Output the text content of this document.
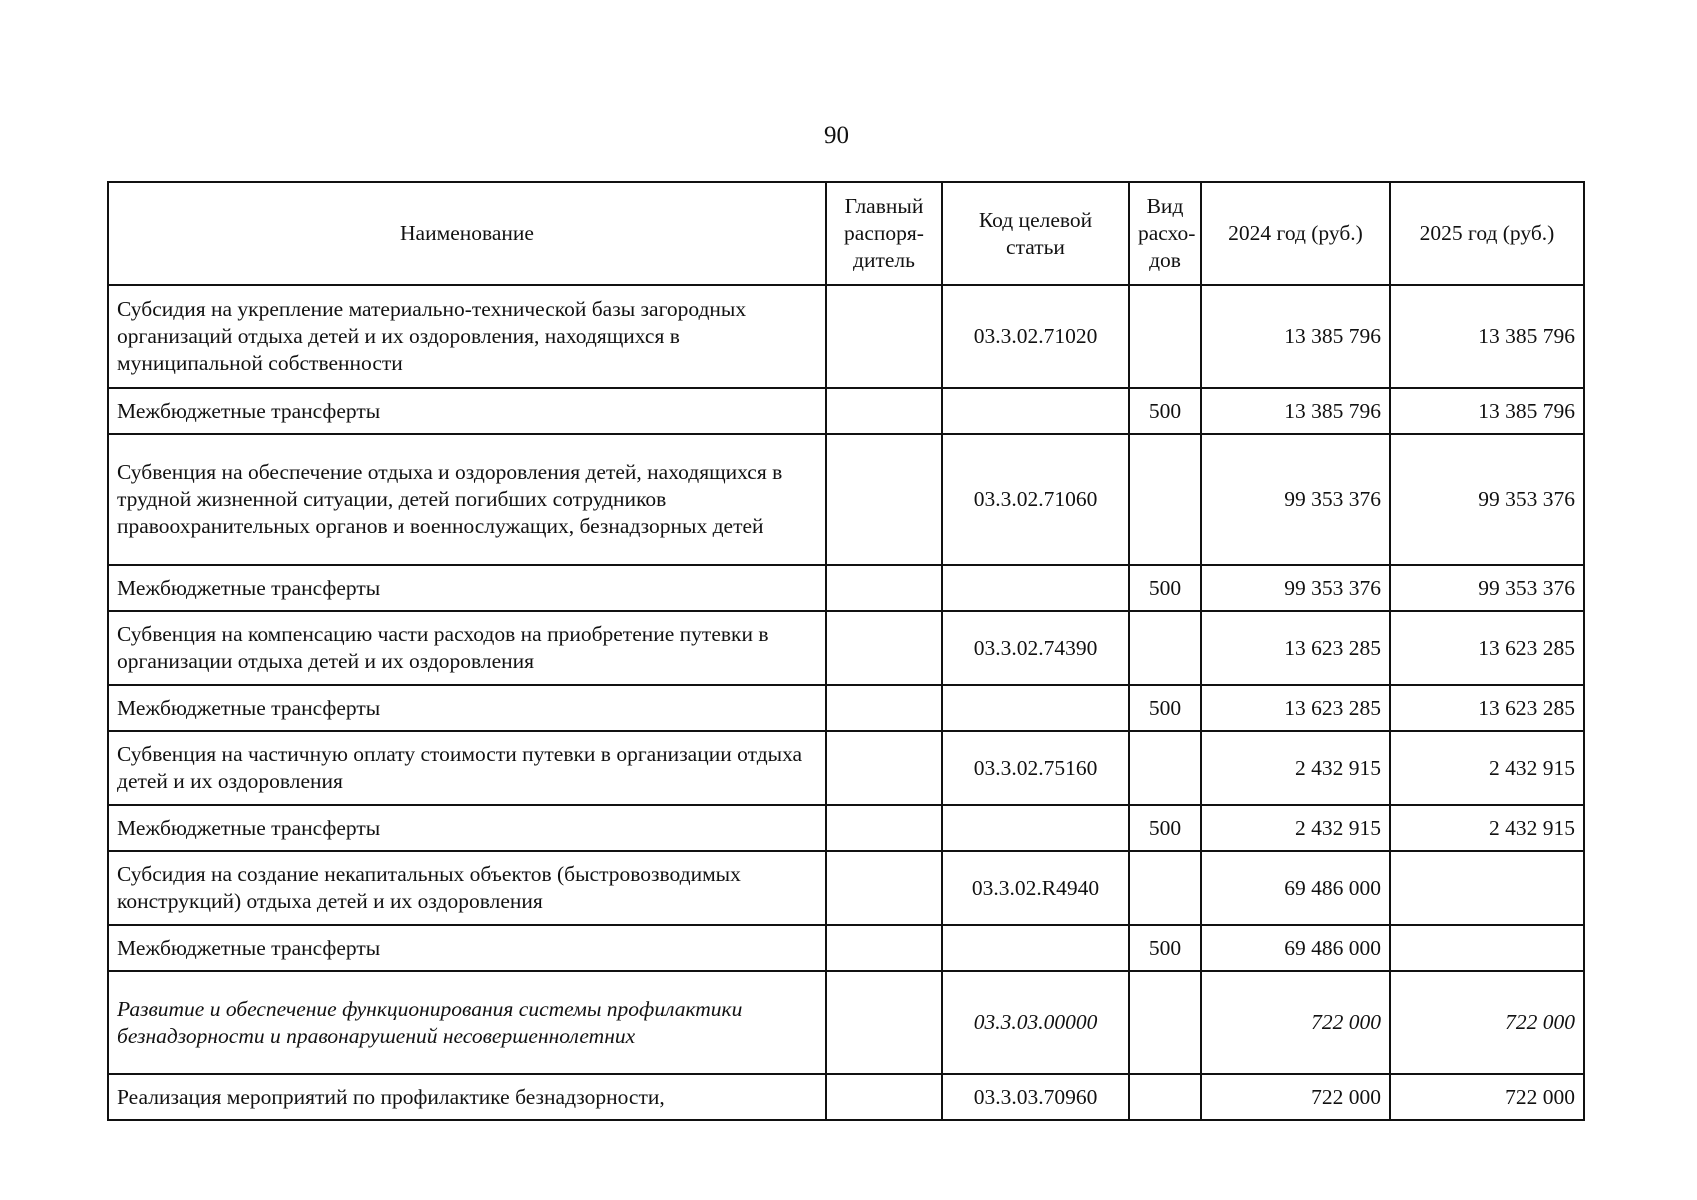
90
Наименование	Главный распоря-дитель	Код целевой статьи	Вид расхо-дов	2024 год (руб.)	2025 год (руб.)
Субсидия на укрепление материально-технической базы загородных организаций отдыха детей и их оздоровления, находящихся в муниципальной собственности		03.3.02.71020		13 385 796	13 385 796
Межбюджетные трансферты			500	13 385 796	13 385 796
Субвенция на обеспечение отдыха и оздоровления детей, находящихся в трудной жизненной ситуации, детей погибших сотрудников правоохранительных органов и военнослужащих, безнадзорных детей		03.3.02.71060		99 353 376	99 353 376
Межбюджетные трансферты			500	99 353 376	99 353 376
Субвенция на компенсацию части расходов на приобретение путевки в организации отдыха детей и их оздоровления		03.3.02.74390		13 623 285	13 623 285
Межбюджетные трансферты			500	13 623 285	13 623 285
Субвенция на частичную оплату стоимости путевки в организации отдыха детей и их оздоровления		03.3.02.75160		2 432 915	2 432 915
Межбюджетные трансферты			500	2 432 915	2 432 915
Субсидия на создание некапитальных объектов (быстровозводимых конструкций) отдыха детей и их оздоровления		03.3.02.R4940		69 486 000	
Межбюджетные трансферты			500	69 486 000	
Развитие и обеспечение функционирования системы профилактики безнадзорности и правонарушений несовершеннолетних		03.3.03.00000		722 000	722 000
Реализация мероприятий по профилактике безнадзорности,		03.3.03.70960		722 000	722 000
